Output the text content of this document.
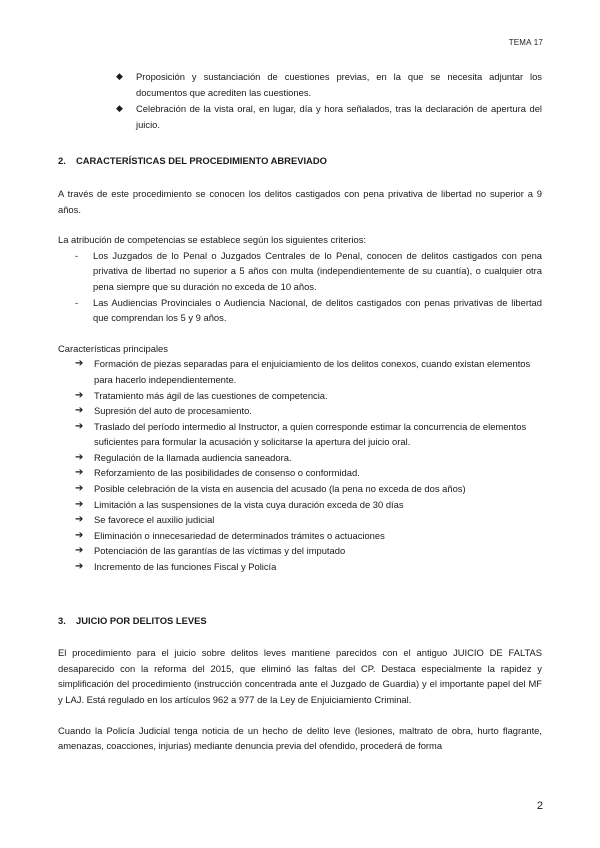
TEMA 17
◆ Proposición y sustanciación de cuestiones previas, en la que se necesita adjuntar los documentos que acrediten las cuestiones.
◆ Celebración de la vista oral, en lugar, día y hora señalados, tras la declaración de apertura del juicio.
2. CARACTERÍSTICAS DEL PROCEDIMIENTO ABREVIADO

A través de este procedimiento se conocen los delitos castigados con pena privativa de libertad no superior a 9 años.

La atribución de competencias se establece según los siguientes criterios:

- Los Juzgados de lo Penal o Juzgados Centrales de lo Penal, conocen de delitos castigados con pena privativa de libertad no superior a 5 años con multa (independientemente de su cuantía), o cualquier otra pena siempre que su duración no exceda de 10 años.
- Las Audiencias Provinciales o Audiencia Nacional, de delitos castigados con penas privativas de libertad que comprendan los 5 y 9 años.

Características principales

➔ Formación de piezas separadas para el enjuiciamiento de los delitos conexos, cuando existan elementos para hacerlo independientemente.
➔ Tratamiento más ágil de las cuestiones de competencia.
➔ Supresión del auto de procesamiento.
➔ Traslado del período intermedio al Instructor, a quien corresponde estimar la concurrencia de elementos suficientes para formular la acusación y solicitarse la apertura del juicio oral.
➔ Regulación de la llamada audiencia saneadora.
➔ Reforzamiento de las posibilidades de consenso o conformidad.
➔ Posible celebración de la vista en ausencia del acusado (la pena no exceda de dos años)
➔ Limitación a las suspensiones de la vista cuya duración exceda de 30 días
➔ Se favorece el auxilio judicial
➔ Eliminación o innecesariedad de determinados trámites o actuaciones
➔ Potenciación de las garantías de las víctimas y del imputado
➔ Incremento de las funciones Fiscal y Policía
3. JUICIO POR DELITOS LEVES

El procedimiento para el juicio sobre delitos leves mantiene parecidos con el antiguo JUICIO DE FALTAS desaparecido con la reforma del 2015, que eliminó las faltas del CP. Destaca especialmente la rapidez y simplificación del procedimiento (instrucción concentrada ante el Juzgado de Guardia) y el importante papel del MF y LAJ. Está regulado en los artículos 962 a 977 de la Ley de Enjuiciamiento Criminal.

Cuando la Policía Judicial tenga noticia de un hecho de delito leve (lesiones, maltrato de obra, hurto flagrante, amenazas, coacciones, injurias) mediante denuncia previa del ofendido, procederá de forma

2
